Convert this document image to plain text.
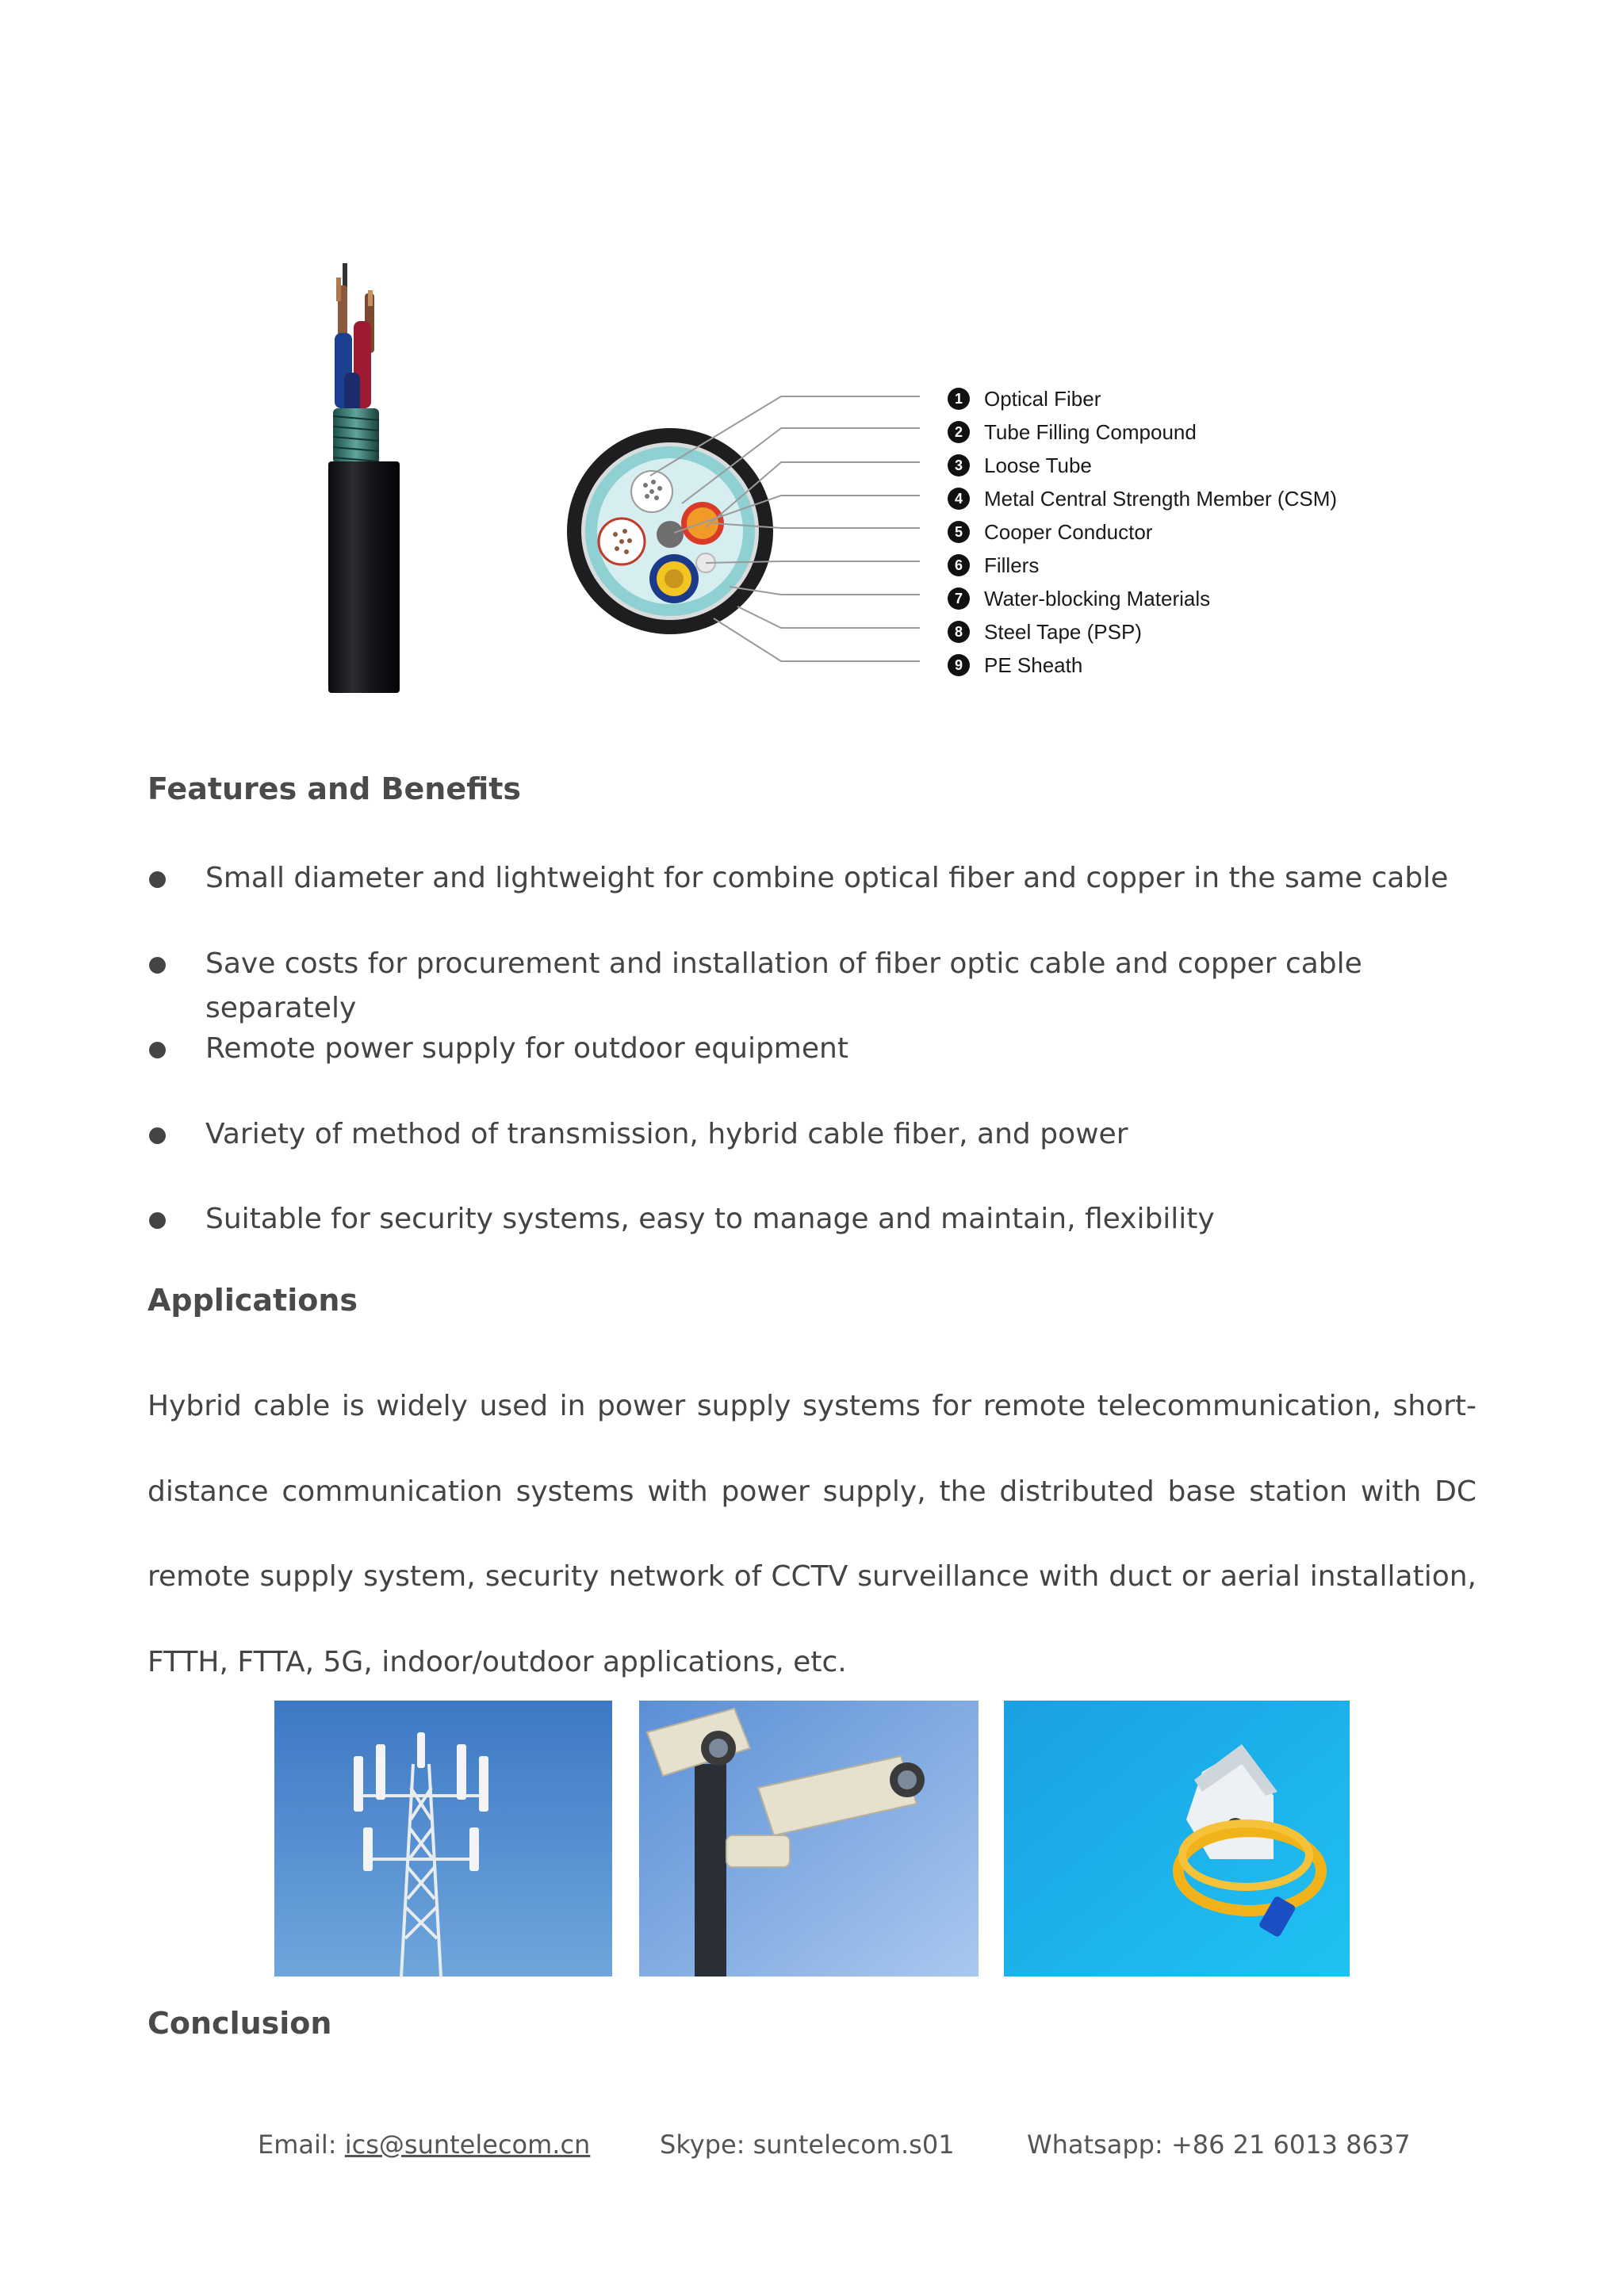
1	Optical Fiber
2	Tube Filling Compound
3	Loose Tube
4	Metal Central Strength Member (CSM)
5	Cooper Conductor
6	Fillers
7	Water-blocking Materials
8	Steel Tape (PSP)
9	PE Sheath
Features and Benefits
Small diameter and lightweight for combine optical fiber and copper in the same cable
Save costs for procurement and installation of fiber optic cable and copper cable separately
Remote power supply for outdoor equipment
Variety of method of transmission, hybrid cable fiber, and power
Suitable for security systems, easy to manage and maintain, flexibility
Applications

Hybrid cable is widely used in power supply systems for remote telecommunication, short-distance communication systems with power supply, the distributed base station with DC remote supply system, security network of CCTV surveillance with duct or aerial installation, FTTH, FTTA, 5G, indoor/outdoor applications, etc.

Conclusion
Email: ics@suntelecom.cn	Skype: suntelecom.s01	Whatsapp: +86 21 6013 8637
